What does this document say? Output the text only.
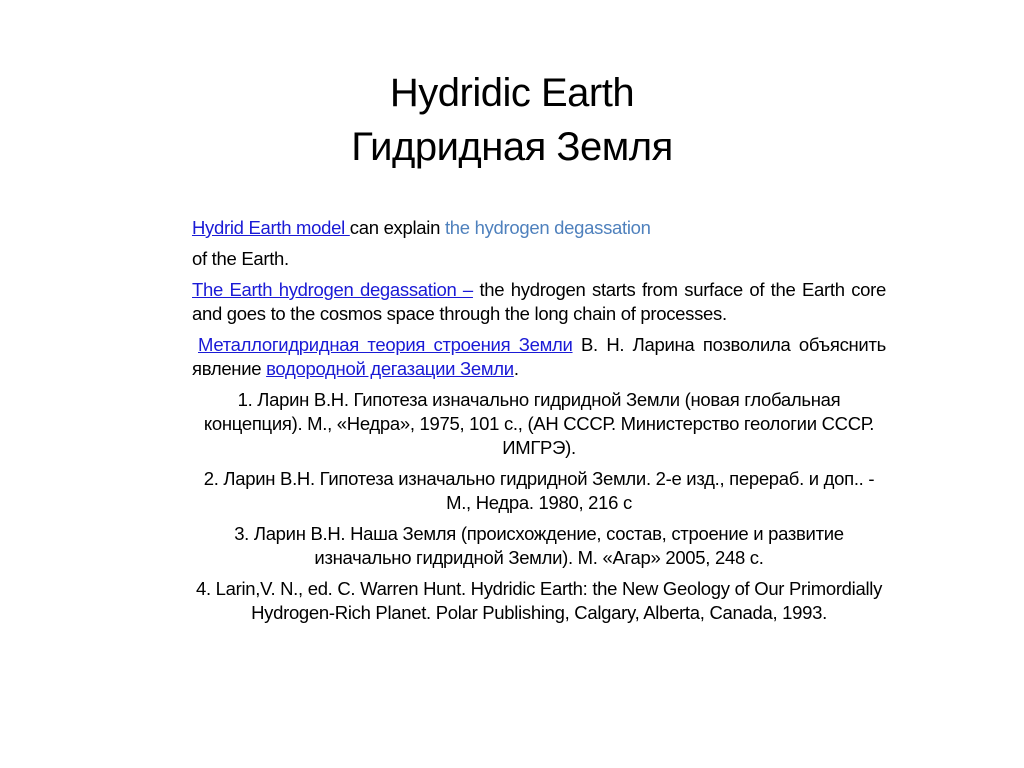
Hydridic Earth
Гидридная Земля
Hydrid Earth model can explain the hydrogen degassation
of the Earth.
The Earth hydrogen degassation – the hydrogen starts from surface of the Earth core and goes to the cosmos space through the long chain of processes.
Металлогидридная теория строения Земли В. Н. Ларина позволила объяснить явление водородной дегазации Земли.
1. Ларин В.Н. Гипотеза изначально гидридной Земли (новая глобальная концепция). М., «Недра», 1975, 101 с., (АН СССР. Министерство геологии СССР. ИМГРЭ).
2. Ларин В.Н. Гипотеза изначально гидридной Земли. 2-е изд., перераб. и доп.. - М., Недра. 1980, 216 с
3. Ларин В.Н. Наша Земля (происхождение, состав, строение и развитие изначально гидридной Земли). М. «Агар» 2005, 248 с.
4. Larin,V. N., ed. C. Warren Hunt. Hydridic Earth: the New Geology of Our Primordially Hydrogen-Rich Planet. Polar Publishing, Calgary, Alberta, Canada, 1993.
